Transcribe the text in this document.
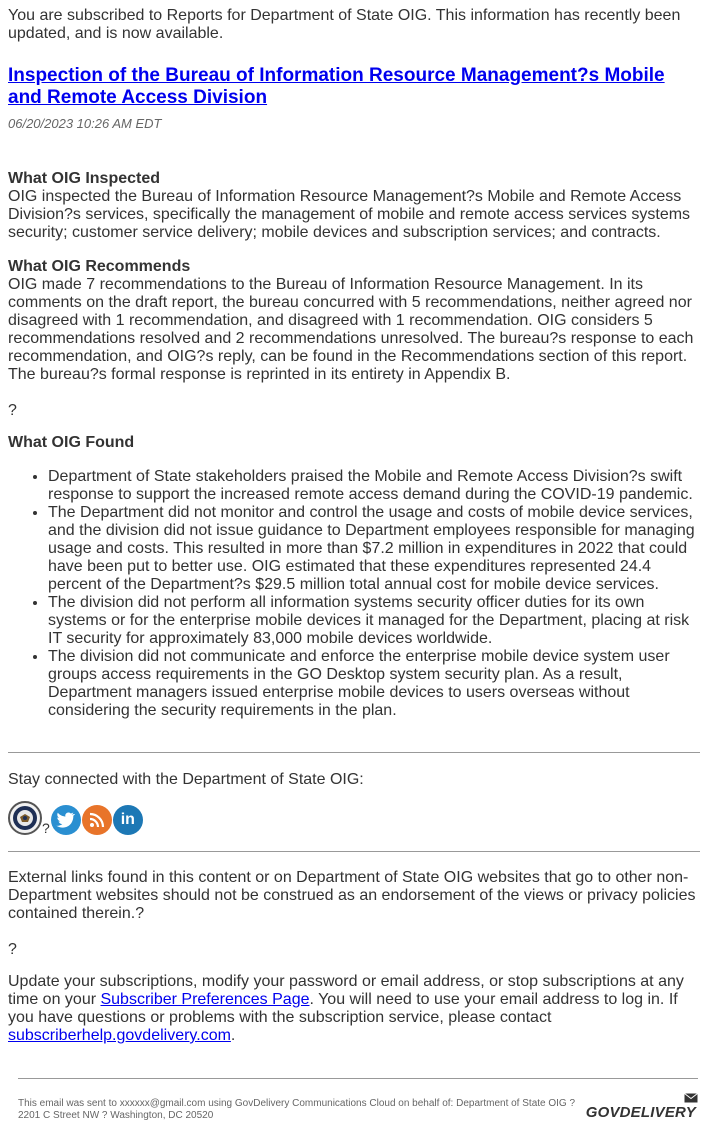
You are subscribed to Reports for Department of State OIG. This information has recently been updated, and is now available.

Inspection of the Bureau of Information Resource Management?s Mobile and Remote Access Division

06/20/2023 10:26 AM EDT

What OIG Inspected

OIG inspected the Bureau of Information Resource Management?s Mobile and Remote Access Division?s services, specifically the management of mobile and remote access services systems security; customer service delivery; mobile devices and subscription services; and contracts.

What OIG Recommends

OIG made 7 recommendations to the Bureau of Information Resource Management. In its comments on the draft report, the bureau concurred with 5 recommendations, neither agreed nor disagreed with 1 recommendation, and disagreed with 1 recommendation. OIG considers 5 recommendations resolved and 2 recommendations unresolved. The bureau?s response to each recommendation, and OIG?s reply, can be found in the Recommendations section of this report. The bureau?s formal response is reprinted in its entirety in Appendix B.

?

What OIG Found

• Department of State stakeholders praised the Mobile and Remote Access Division?s swift response to support the increased remote access demand during the COVID-19 pandemic.
• The Department did not monitor and control the usage and costs of mobile device services, and the division did not issue guidance to Department employees responsible for managing usage and costs. This resulted in more than $7.2 million in expenditures in 2022 that could have been put to better use. OIG estimated that these expenditures represented 24.4 percent of the Department?s $29.5 million total annual cost for mobile device services.
• The division did not perform all information systems security officer duties for its own systems or for the enterprise mobile devices it managed for the Department, placing at risk IT security for approximately 83,000 mobile devices worldwide.
• The division did not communicate and enforce the enterprise mobile device system user groups access requirements in the GO Desktop system security plan. As a result, Department managers issued enterprise mobile devices to users overseas without considering the security requirements in the plan.

Stay connected with the Department of State OIG:

?	in

External links found in this content or on Department of State OIG websites that go to other non-Department websites should not be construed as an endorsement of the views or privacy policies contained therein.?

?

Update your subscriptions, modify your password or email address, or stop subscriptions at any time on your Subscriber Preferences Page. You will need to use your email address to log in. If you have questions or problems with the subscription service, please contact subscriberhelp.govdelivery.com.

This email was sent to xxxxxx@gmail.com using GovDelivery Communications Cloud on behalf of: Department of State OIG ?
2201 C Street NW ? Washington, DC 20520	GOVDELIVERY
